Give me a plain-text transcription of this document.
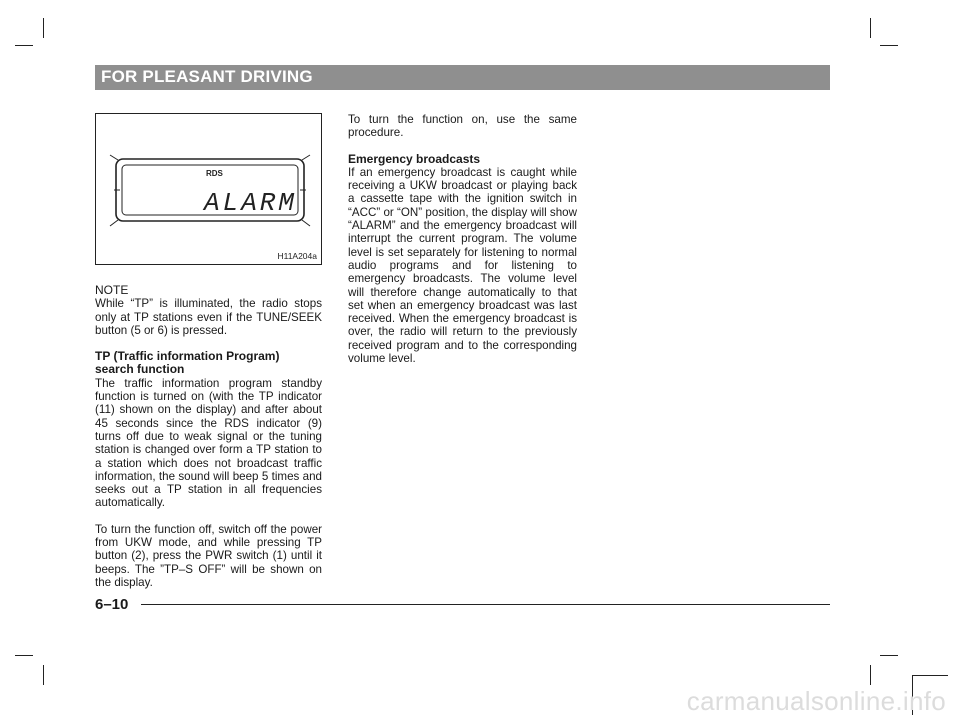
FOR PLEASANT DRIVING
RDS
ALARM
H11A204a

NOTE

While “TP” is illuminated, the radio stops only at TP stations even if the TUNE/SEEK button (5 or 6) is pressed.

TP (Traffic information Program)

search function

The traffic information program standby function is turned on (with the TP indicator (11) shown on the display) and after about 45 seconds since the RDS indicator (9) turns off due to weak signal or the tuning station is changed over form a TP station to a station which does not broadcast traffic information, the sound will beep 5 times and seeks out a TP station in all frequencies automatically.

To turn the function off, switch off the power from UKW mode, and while pressing TP button (2), press the PWR switch (1) until it beeps. The ”TP–S OFF” will be shown on the display.

To turn the function on, use the same procedure.

Emergency broadcasts

If an emergency broadcast is caught while receiving a UKW broadcast or playing back a cassette tape with the ignition switch in “ACC” or “ON” position, the display will show “ALARM” and the emergency broadcast will interrupt the current program. The volume level is set separately for listening to normal audio programs and for listening to emergency broadcasts. The volume level will therefore change automatically to that set when an emergency broadcast was last received. When the emergency broadcast is over, the radio will return to the previously received program and to the corresponding volume level.

6–10
carmanualsonline.info
